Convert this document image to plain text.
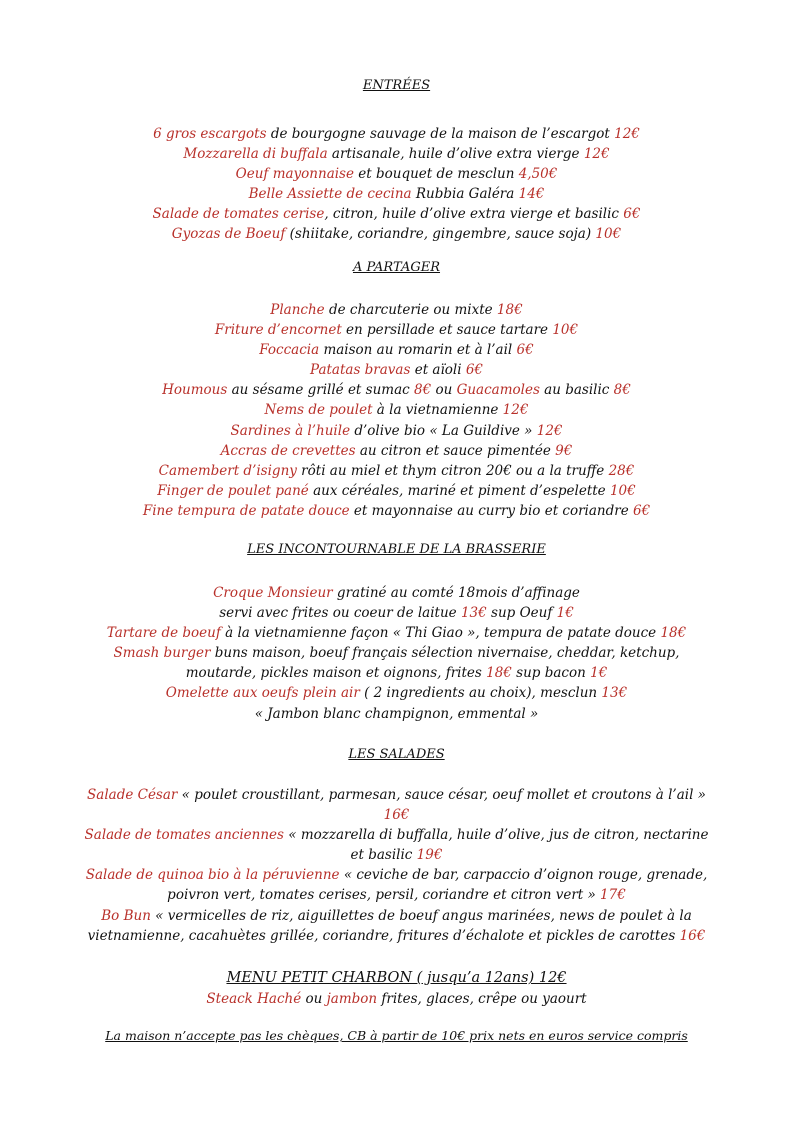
ENTRÉES

6 gros escargots de bourgogne sauvage de la maison de l’escargot 12€

Mozzarella di buffala artisanale, huile d’olive extra vierge 12€

Oeuf mayonnaise et bouquet de mesclun 4,50€

Belle Assiette de cecina Rubbia Galéra 14€

Salade de tomates cerise, citron, huile d’olive extra vierge et basilic 6€

Gyozas de Boeuf (shiitake, coriandre, gingembre, sauce soja) 10€

A PARTAGER

Planche de charcuterie ou mixte 18€

Friture d’encornet en persillade et sauce tartare 10€

Foccacia maison au romarin et à l’ail 6€

Patatas bravas et aïoli 6€

Houmous au sésame grillé et sumac 8€ ou Guacamoles au basilic 8€

Nems de poulet à la vietnamienne 12€

Sardines à l’huile d’olive bio « La Guildive » 12€

Accras de crevettes au citron et sauce pimentée 9€

Camembert d’isigny rôti au miel et thym citron 20€ ou a la truffe 28€

Finger de poulet pané aux céréales, mariné et piment d’espelette 10€

Fine tempura de patate douce et mayonnaise au curry bio et coriandre 6€

LES INCONTOURNABLE DE LA BRASSERIE

Croque Monsieur gratiné au comté 18mois d’affinage

servi avec frites ou coeur de laitue 13€ sup Oeuf 1€

Tartare de boeuf à la vietnamienne façon « Thi Giao », tempura de patate douce 18€

Smash burger buns maison, boeuf français sélection nivernaise, cheddar, ketchup,

moutarde, pickles maison et oignons, frites 18€ sup bacon 1€

Omelette aux oeufs plein air ( 2 ingredients au choix), mesclun 13€

« Jambon blanc champignon, emmental »

LES SALADES

Salade César « poulet croustillant, parmesan, sauce césar, oeuf mollet et croutons à l’ail »

16€

Salade de tomates anciennes « mozzarella di buffalla, huile d’olive, jus de citron, nectarine

et basilic 19€

Salade de quinoa bio à la péruvienne « ceviche de bar, carpaccio d’oignon rouge, grenade,

poivron vert, tomates cerises, persil, coriandre et citron vert » 17€

Bo Bun « vermicelles de riz, aiguillettes de boeuf angus marinées, news de poulet à la

vietnamienne, cacahuètes grillée, coriandre, fritures d’échalote et pickles de carottes 16€

MENU PETIT CHARBON ( jusqu’a 12ans) 12€

Steack Haché ou jambon frites, glaces, crêpe ou yaourt

La maison n’accepte pas les chèques, CB à partir de 10€ prix nets en euros service compris
